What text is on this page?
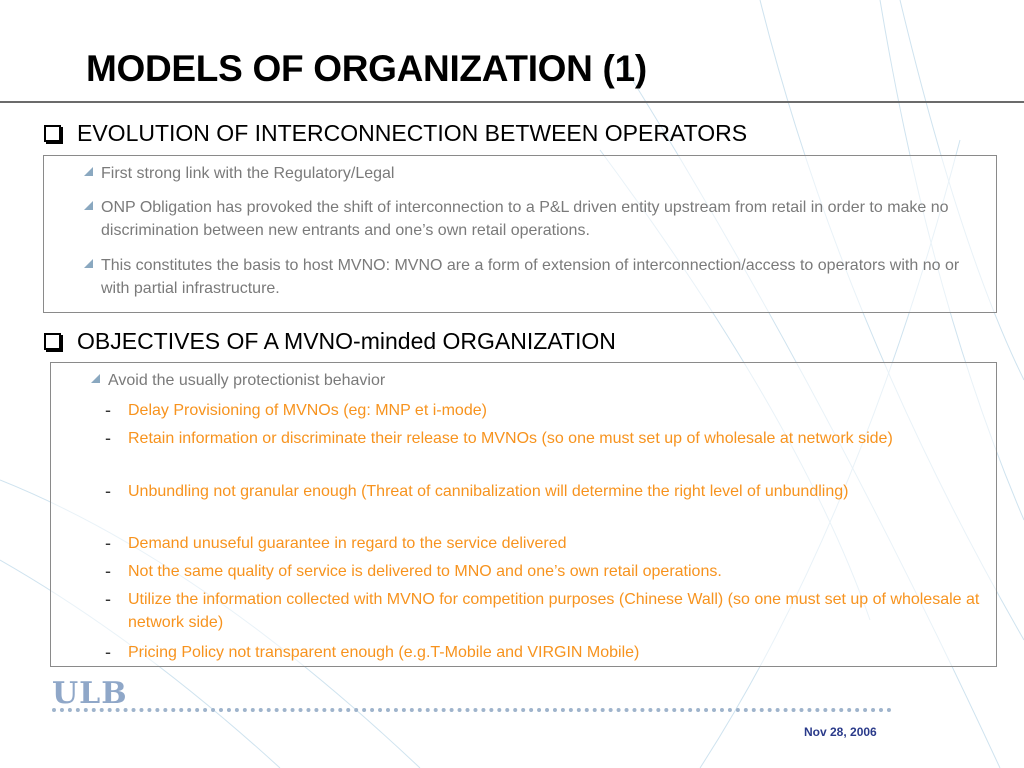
MODELS OF ORGANIZATION (1)
EVOLUTION OF INTERCONNECTION BETWEEN OPERATORS
First strong link with the Regulatory/Legal
ONP Obligation has provoked the shift of interconnection to a P&L driven entity upstream from retail in order to make no discrimination between new entrants and one’s own retail operations.
This constitutes the basis to host MVNO: MVNO are a form of extension of interconnection/access to operators with no or with partial infrastructure.
OBJECTIVES OF A MVNO-minded ORGANIZATION
Avoid the usually protectionist behavior
-	Delay Provisioning of MVNOs (eg: MNP et i-mode)
-	Retain information or discriminate their release to MVNOs (so one must set up of wholesale at network side)
-	Unbundling not granular enough (Threat of cannibalization will determine the right level of unbundling)
-	Demand unuseful guarantee in regard to the service delivered
-	Not the same quality of service is delivered to MNO and one’s own retail operations.
-	Utilize the information collected with MVNO for competition purposes (Chinese Wall) (so one must set up of wholesale at network side)
-	Pricing Policy not transparent enough (e.g.T-Mobile and VIRGIN Mobile)
ULB
Nov 28, 2006
